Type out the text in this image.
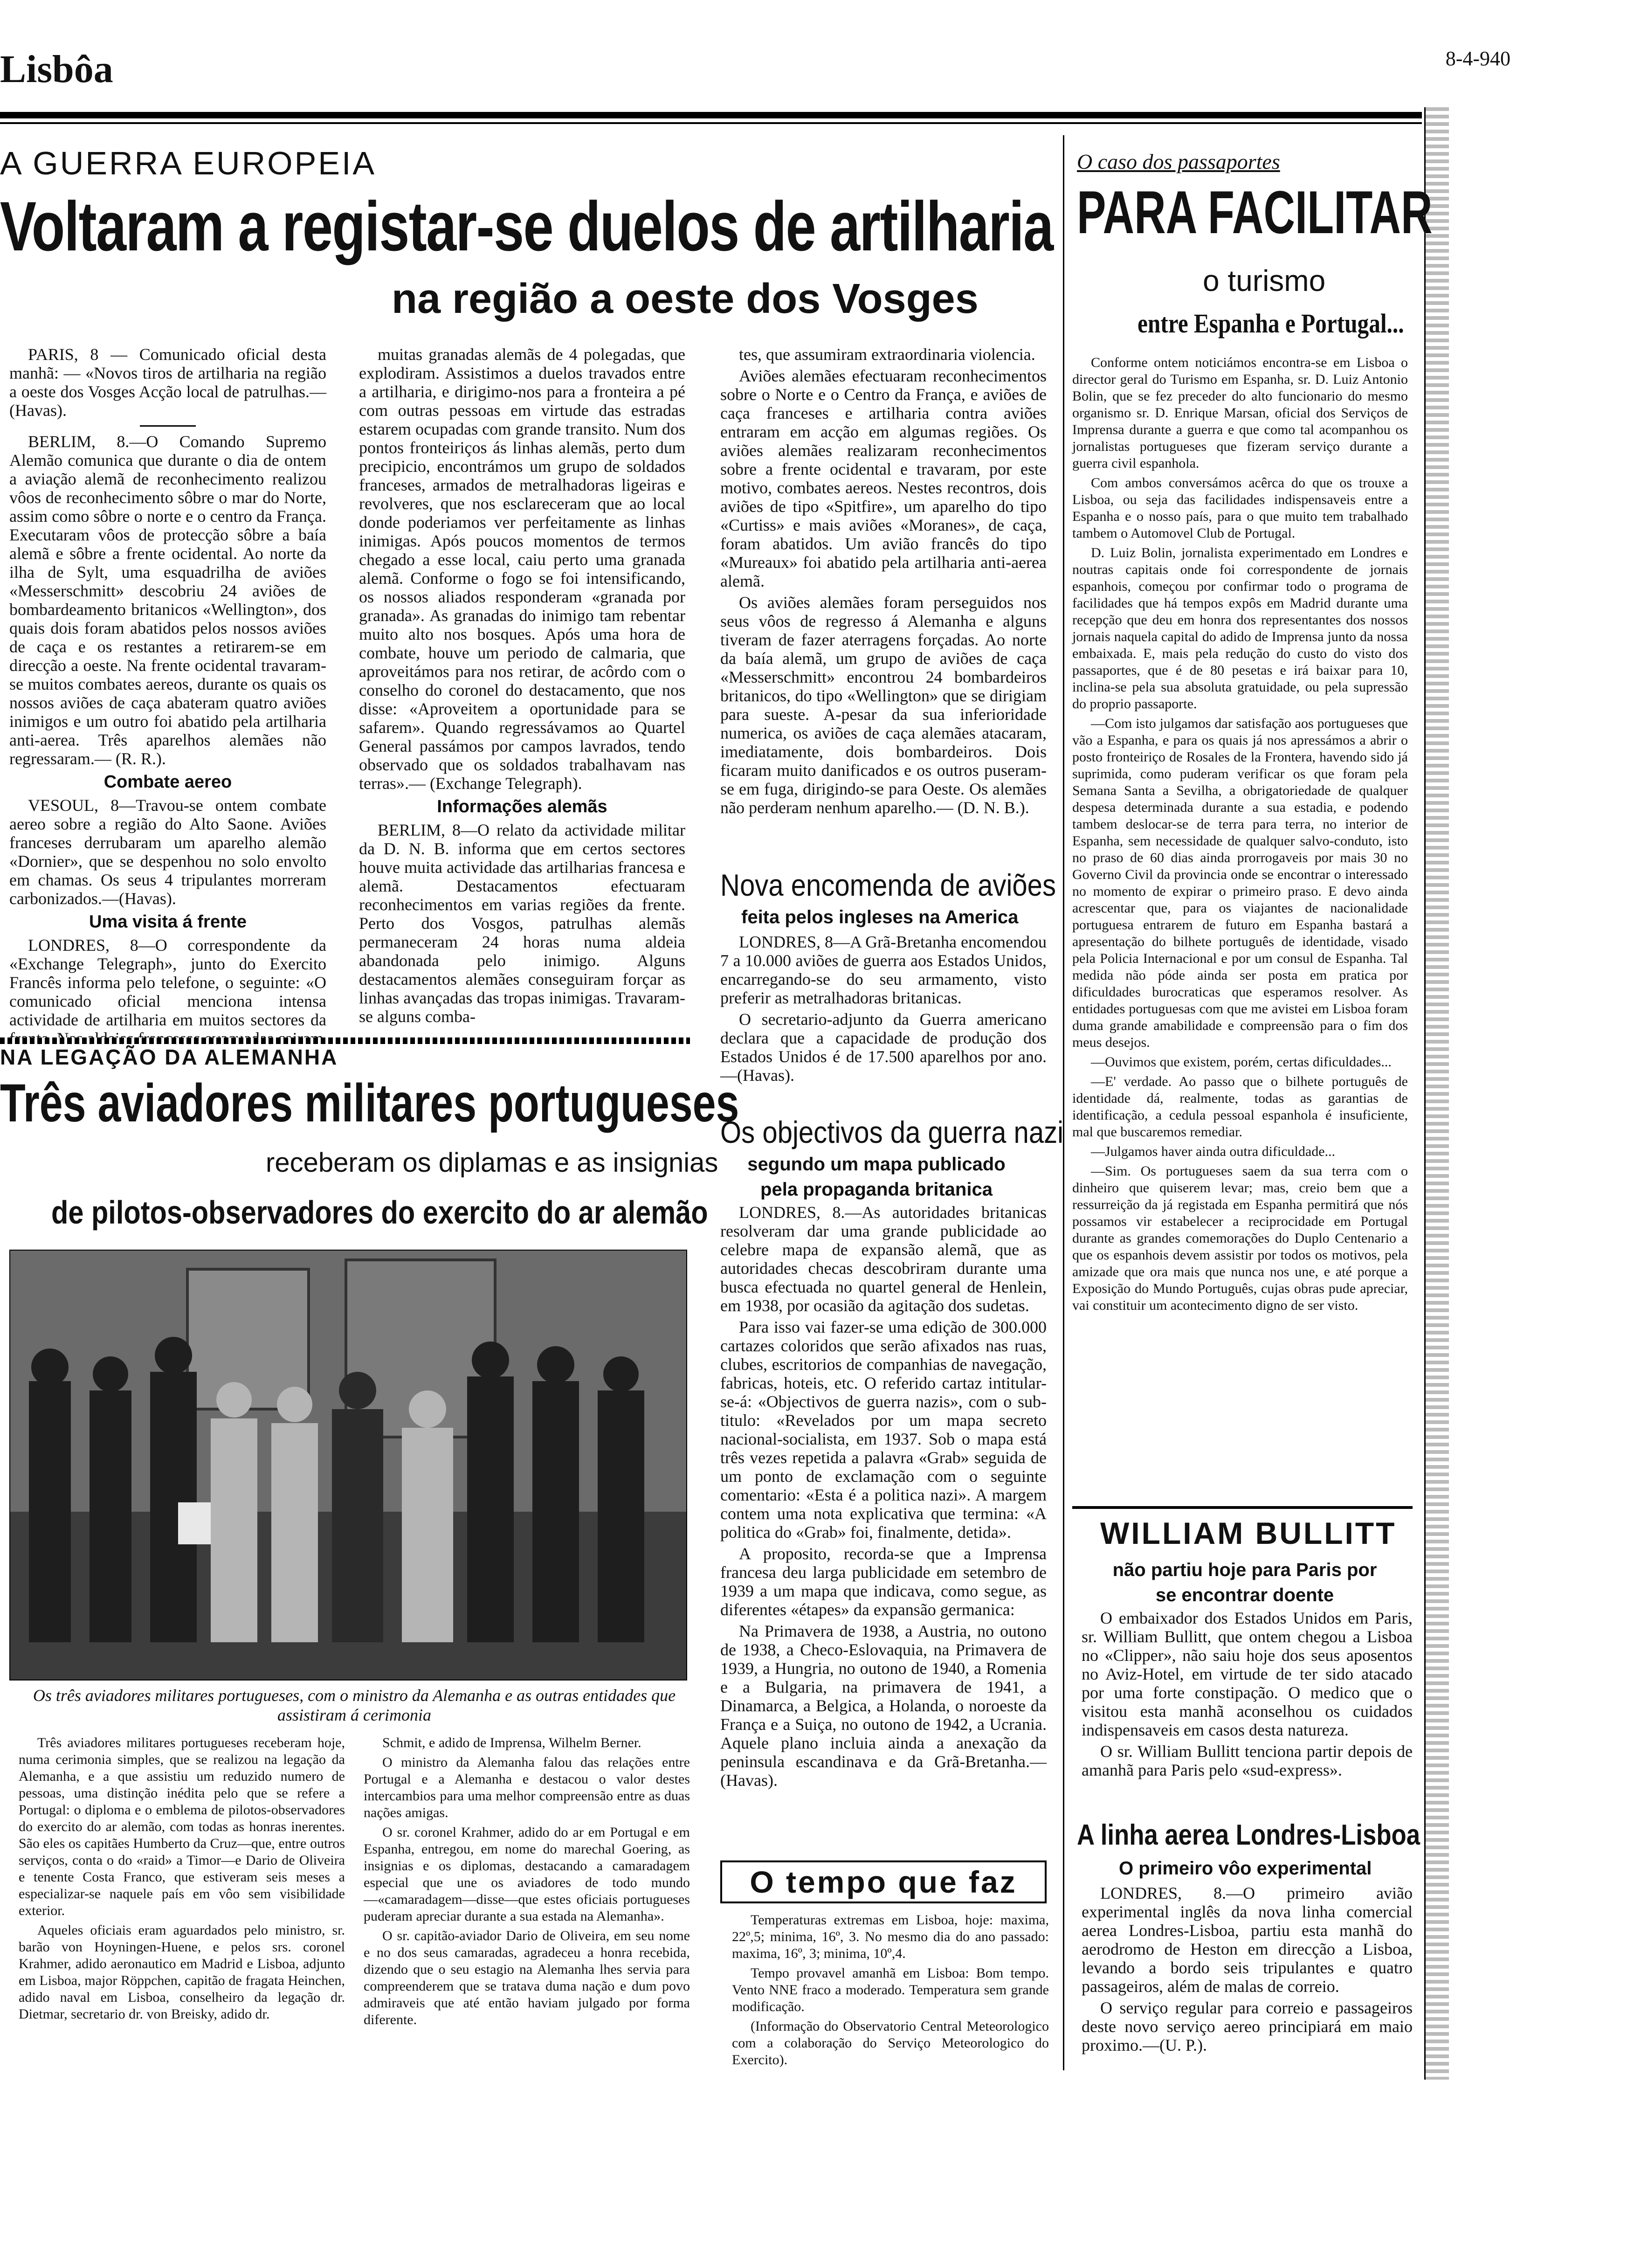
Lisbôa	8-4-940
A GUERRA EUROPEIA
Voltaram a registar-se duelos de artilharia
na região a oeste dos Vosges

PARIS, 8 — Comunicado oficial desta manhã: — «Novos tiros de artilharia na região a oeste dos Vosges Acção local de patrulhas.— (Havas).

BERLIM, 8.—O Comando Supremo Alemão comunica que durante o dia de ontem a aviação alemã de reconhecimento realizou vôos de reconhecimento sôbre o mar do Norte, assim como sôbre o norte e o centro da França. Executaram vôos de protecção sôbre a baía alemã e sôbre a frente ocidental. Ao norte da ilha de Sylt, uma esquadrilha de aviões «Messerschmitt» descobriu 24 aviões de bombardeamento britanicos «Wellington», dos quais dois foram abatidos pelos nossos aviões de caça e os restantes a retirarem-se em direcção a oeste. Na frente ocidental travaram-se muitos combates aereos, durante os quais os nossos aviões de caça abateram quatro aviões inimigos e um outro foi abatido pela artilharia anti-aerea. Três aparelhos alemães não regressaram.— (R. R.).

Combate aereo

VESOUL, 8—Travou-se ontem combate aereo sobre a região do Alto Saone. Aviões franceses derrubaram um aparelho alemão «Dornier», que se despenhou no solo envolto em chamas. Os seus 4 tripulantes morreram carbonizados.—(Havas).

Uma visita á frente

LONDRES, 8—O correspondente da «Exchange Telegraph», junto do Exercito Francês informa pelo telefone, o seguinte: «O comunicado oficial menciona intensa actividade de artilharia em muitos sectores da

muitas granadas alemãs de 4 polegadas, que explodiram. Assistimos a duelos travados entre a artilharia, e dirigimo-nos para a fronteira a pé com outras pessoas em virtude das estradas estarem ocupadas com grande transito. Num dos pontos fronteiriços ás linhas alemãs, perto dum precipicio, encontrámos um grupo de soldados franceses, armados de metralhadoras ligeiras e revolveres, que nos esclareceram que ao local donde poderiamos ver perfeitamente as linhas inimigas. Após poucos momentos de termos chegado a esse local, caiu perto uma granada alemã. Conforme o fogo se foi intensificando, os nossos aliados responderam «granada por granada». As granadas do inimigo tam rebentar muito alto nos bosques. Após uma hora de combate, houve um periodo de calmaria, que aproveitámos para nos retirar, de acôrdo com o conselho do coronel do destacamento, que nos disse: «Aproveitem a oportunidade para se safarem». Quando regressávamos ao Quartel General passámos por campos lavrados, tendo observado que os soldados trabalhavam nas terras».— (Exchange Telegraph).

Informações alemãs

BERLIM, 8—O relato da actividade militar da D. N. B. informa que em certos sectores houve muita actividade das artilharias francesa e alemã. Destacamentos efectuaram reconhecimentos em varias regiões da frente. Perto dos Vosgos, patrulhas alemãs permaneceram 24 horas numa aldeia abandonada pelo inimigo. Alguns destacamentos alemães conseguiram forçar as linhas avançadas das tropas inimigas. Travaram-se alguns comba-

tes, que assumiram extraordinaria violencia.

Aviões alemães efectuaram reconhecimentos sobre o Norte e o Centro da França, e aviões de caça franceses e artilharia contra aviões entraram em acção em algumas regiões. Os aviões alemães realizaram reconhecimentos sobre a frente ocidental e travaram, por este motivo, combates aereos. Nestes recontros, dois aviões de tipo «Spitfire», um aparelho do tipo «Curtiss» e mais aviões «Moranes», de caça, foram abatidos. Um avião francês do tipo «Mureaux» foi abatido pela artilharia anti-aerea alemã.

Os aviões alemães foram perseguidos nos seus vôos de regresso á Alemanha e alguns tiveram de fazer aterragens forçadas. Ao norte da baía alemã, um grupo de aviões de caça «Messerschmitt» encontrou 24 bombardeiros britanicos, do tipo «Wellington» que se dirigiam para sueste. A-pesar da sua inferioridade numerica, os aviões de caça alemães atacaram, imediatamente, dois bombardeiros. Dois ficaram muito danificados e os outros puseram-se em fuga, dirigindo-se para Oeste. Os alemães não perderam nenhum aparelho.— (D. N. B.).

Nova encomenda de aviões
feita pelos ingleses na America

LONDRES, 8—A Grã-Bretanha encomendou 7 a 10.000 aviões de guerra aos Estados Unidos, encarregando-se do seu armamento, visto preferir as metralhadoras britanicas.

O secretario-adjunto da Guerra americano declara que a capacidade de produção dos Estados Unidos é de 17.500 aparelhos por ano.—(Havas).

Os objectivos da guerra nazi
segundo um mapa publicado pela propaganda britanica

LONDRES, 8.—As autoridades britanicas resolveram dar uma grande publicidade ao celebre mapa de expansão alemã, que as autoridades checas descobriram durante uma busca efectuada no quartel general de Henlein, em 1938, por ocasião da agitação dos sudetas.

Para isso vai fazer-se uma edição de 300.000 cartazes coloridos que serão afixados nas ruas, clubes, escritorios de companhias de navegação, fabricas, hoteis, etc. O referido cartaz intitular-se-á: «Objectivos de guerra nazis», com o sub-titulo: «Revelados por um mapa secreto nacional-socialista, em 1937. Sob o mapa está três vezes repetida a palavra «Grab» seguida de um ponto de exclamação com o seguinte comentario: «Esta é a politica nazi». A margem contem uma nota explicativa que termina: «A politica do «Grab» foi, finalmente, detida».

A proposito, recorda-se que a Imprensa francesa deu larga publicidade em setembro de 1939 a um mapa que indicava, como segue, as diferentes «étapes» da expansão germanica:

Na Primavera de 1938, a Austria, no outono de 1938, a Checo-Eslovaquia, na Primavera de 1939, a Hungria, no outono de 1940, a Romenia e a Bulgaria, na primavera de 1941, a Dinamarca, a Belgica, a Holanda, o noroeste da França e a Suiça, no outono de 1942, a Ucrania. Aquele plano incluia ainda a anexação da peninsula escandinava e da Grã-Bretanha.—(Havas).

O tempo que faz

Temperaturas extremas em Lisboa, hoje: maxima, 22º,5; minima, 16º, 3. No mesmo dia do ano passado: maxima, 16º, 3; minima, 10º,4.

Tempo provavel amanhã em Lisboa: Bom tempo. Vento NNE fraco a moderado. Temperatura sem grande modificação.

(Informação do Observatorio Central Meteorologico com a colaboração do Serviço Meteorologico do Exercito).

NA LEGAÇÃO DA ALEMANHA
Três aviadores militares portugueses
receberam os diplamas e as insignias
de pilotos-observadores do exercito do ar alemão
Os três aviadores militares portugueses, com o ministro da Alemanha e as outras entidades que assistiram á cerimonia

Três aviadores militares portugueses receberam hoje, numa cerimonia simples, que se realizou na legação da Alemanha, e a que assistiu um reduzido numero de pessoas, uma distinção inédita pelo que se refere a Portugal: o diploma e o emblema de pilotos-observadores do exercito do ar alemão, com todas as honras inerentes. São eles os capitães Humberto da Cruz—que, entre outros serviços, conta o do «raid» a Timor—e Dario de Oliveira e tenente Costa Franco, que estiveram seis meses a especializar-se naquele país em vôo sem visibilidade exterior.

Aqueles oficiais eram aguardados pelo ministro, sr. barão von Hoyningen-Huene, e pelos srs. coronel Krahmer, adido aeronautico em Madrid e Lisboa, adjunto em Lisboa, major Röppchen, capitão de fragata Heinchen, adido naval em Lisboa, conselheiro da legação dr. Dietmar, secretario dr. von Breisky, adido dr.

Schmit, e adido de Imprensa, Wilhelm Berner.

O ministro da Alemanha falou das relações entre Portugal e a Alemanha e destacou o valor destes intercambios para uma melhor compreensão entre as duas nações amigas.

O sr. coronel Krahmer, adido do ar em Portugal e em Espanha, entregou, em nome do marechal Goering, as insignias e os diplomas, destacando a camaradagem especial que une os aviadores de todo mundo—«camaradagem—disse—que estes oficiais portugueses puderam apreciar durante a sua estada na Alemanha».

O sr. capitão-aviador Dario de Oliveira, em seu nome e no dos seus camaradas, agradeceu a honra recebida, dizendo que o seu estagio na Alemanha lhes servia para compreenderem que se tratava duma nação e dum povo admiraveis que até então haviam julgado por forma diferente.

O caso dos passaportes
PARA FACILITAR
o turismo
entre Espanha e Portugal...

Conforme ontem noticiámos encontra-se em Lisboa o director geral do Turismo em Espanha, sr. D. Luiz Antonio Bolin, que se fez preceder do alto funcionario do mesmo organismo sr. D. Enrique Marsan, oficial dos Serviços de Imprensa durante a guerra e que como tal acompanhou os jornalistas portugueses que fizeram serviço durante a guerra civil espanhola.

Com ambos conversámos acêrca do que os trouxe a Lisboa, ou seja das facilidades indispensaveis entre a Espanha e o nosso país, para o que muito tem trabalhado tambem o Automovel Club de Portugal.

D. Luiz Bolin, jornalista experimentado em Londres e noutras capitais onde foi correspondente de jornais espanhois, começou por confirmar todo o programa de facilidades que há tempos expôs em Madrid durante uma recepção que deu em honra dos representantes dos nossos jornais naquela capital do adido de Imprensa junto da nossa embaixada. E, mais pela redução do custo do visto dos passaportes, que é de 80 pesetas e irá baixar para 10, inclina-se pela sua absoluta gratuidade, ou pela supressão do proprio passaporte.

—Com isto julgamos dar satisfação aos portugueses que vão a Espanha, e para os quais já nos apressámos a abrir o posto fronteiriço de Rosales de la Frontera, havendo sido já suprimida, como puderam verificar os que foram pela Semana Santa a Sevilha, a obrigatoriedade de qualquer despesa determinada durante a sua estadia, e podendo tambem deslocar-se de terra para terra, no interior de Espanha, sem necessidade de qualquer salvo-conduto, isto no praso de 60 dias ainda prorrogaveis por mais 30 no Governo Civil da provincia onde se encontrar o interessado no momento de expirar o primeiro praso. E devo ainda acrescentar que, para os viajantes de nacionalidade portuguesa entrarem de futuro em Espanha bastará a apresentação do bilhete português de identidade, visado pela Policia Internacional e por um consul de Espanha. Tal medida não póde ainda ser posta em pratica por dificuldades burocraticas que esperamos resolver. As entidades portuguesas com que me avistei em Lisboa foram duma grande amabilidade e compreensão para o fim dos meus desejos.

—Ouvimos que existem, porém, certas dificuldades...

—E' verdade. Ao passo que o bilhete português de identidade dá, realmente, todas as garantias de identificação, a cedula pessoal espanhola é insuficiente, mal que buscaremos remediar.

—Julgamos haver ainda outra dificuldade...

—Sim. Os portugueses saem da sua terra com o dinheiro que quiserem levar; mas, creio bem que a ressurreição da já registada em Espanha permitirá que nós possamos vir estabelecer a reciprocidade em Portugal durante as grandes comemorações do Duplo Centenario a que os espanhois devem assistir por todos os motivos, pela amizade que ora mais que nunca nos une, e até porque a Exposição do Mundo Português, cujas obras pude apreciar, vai constituir um acontecimento digno de ser visto.

WILLIAM BULLITT
não partiu hoje para Paris por se encontrar doente

O embaixador dos Estados Unidos em Paris, sr. William Bullitt, que ontem chegou a Lisboa no «Clipper», não saiu hoje dos seus aposentos no Aviz-Hotel, em virtude de ter sido atacado por uma forte constipação. O medico que o visitou esta manhã aconselhou os cuidados indispensaveis em casos desta natureza.

O sr. William Bullitt tenciona partir depois de amanhã para Paris pelo «sud-express».

A linha aerea Londres-Lisboa
O primeiro vôo experimental

LONDRES, 8.—O primeiro avião experimental inglês da nova linha comercial aerea Londres-Lisboa, partiu esta manhã do aerodromo de Heston em direcção a Lisboa, levando a bordo seis tripulantes e quatro passageiros, além de malas de correio.

O serviço regular para correio e passageiros deste novo serviço aereo principiará em maio proximo.—(U. P.).
